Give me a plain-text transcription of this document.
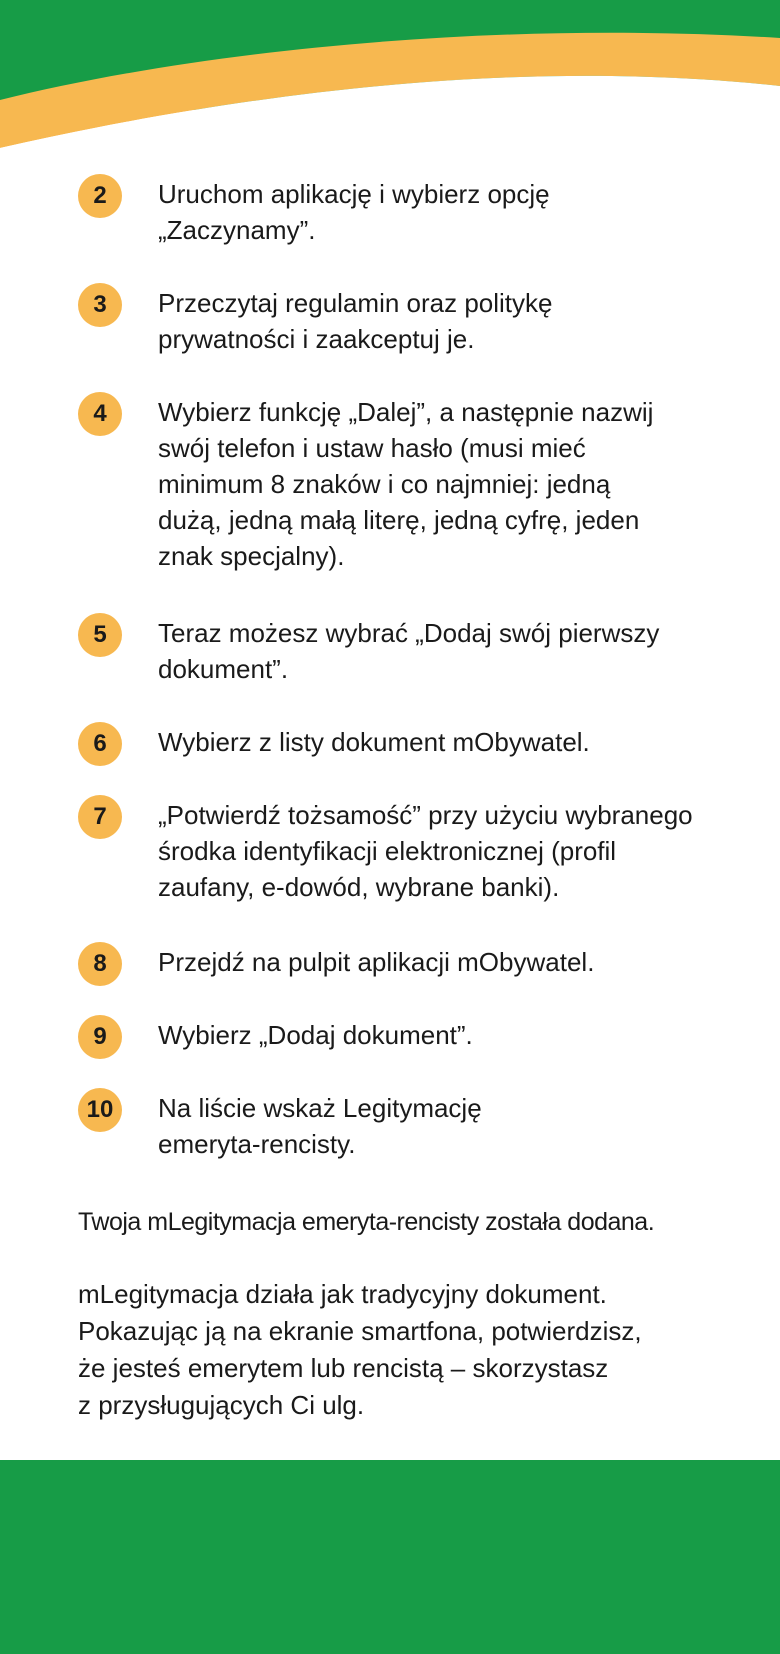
2	Uruchom aplikację i wybierz opcję
„Zaczynamy”.
3	Przeczytaj regulamin oraz politykę
prywatności i zaakceptuj je.
4	Wybierz funkcję „Dalej”, a następnie nazwij
swój telefon i ustaw hasło (musi mieć
minimum 8 znaków i co najmniej: jedną
dużą, jedną małą literę, jedną cyfrę, jeden
znak specjalny).
5	Teraz możesz wybrać „Dodaj swój pierwszy
dokument”.
6	Wybierz z listy dokument mObywatel.
7	„Potwierdź tożsamość” przy użyciu wybranego
środka identyfikacji elektronicznej (profil
zaufany, e-dowód, wybrane banki).
8	Przejdź na pulpit aplikacji mObywatel.
9	Wybierz „Dodaj dokument”.
10	Na liście wskaż Legitymację
emeryta-rencisty.
Twoja mLegitymacja emeryta-rencisty została dodana.
mLegitymacja działa jak tradycyjny dokument.
Pokazując ją na ekranie smartfona, potwierdzisz,
że jesteś emerytem lub rencistą – skorzystasz
z przysługujących Ci ulg.
